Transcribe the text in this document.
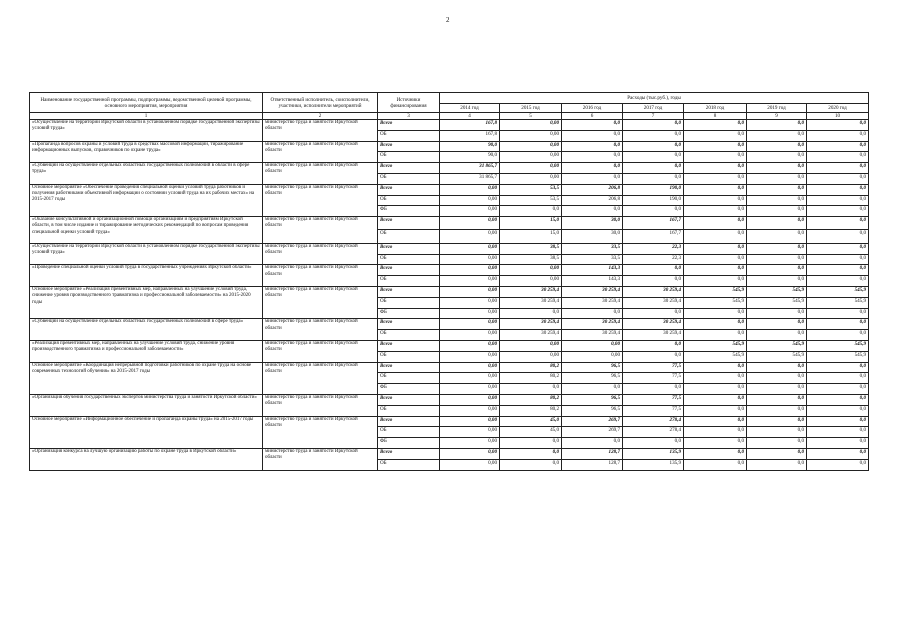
2
Наименование государственной программы, подпрограммы, ведомственной целевой программы, основного мероприятия, мероприятия	Ответственный исполнитель, соисполнители, участники, исполнители мероприятий	Источники финансирования	Расходы (тыс.руб.), годы						
			2014 год	2015 год	2016 год	2017 год	2018 год	2019 год	2020 год
1	2	3	4	5	6	7	8	9	10
«Осуществление на территории Иркутской области в установленном порядке государственной экспертизы условий труда»	министерство труда и занятости Иркутской области	Всего	167,8	0,00	0,0	0,0	0,0	0,0	0,0
		ОБ	167,8	0,00	0,0	0,0	0,0	0,0	0,0
«Пропаганда вопросов охраны и условий труда в средствах массовой информации, тиражирование информационных выпусков, справочников по охране труда»	министерство труда и занятости Иркутской области	Всего	90,0	0,00	0,0	0,0	0,0	0,0	0,0
		ОБ	90,0	0,00	0,0	0,0	0,0	0,0	0,0
«Субвенции на осуществление отдельных областных государственных полномочий в области в сфере труда»	министерство труда и занятости Иркутской области	Всего	31 865,7	0,00	0,0	0,0	0,0	0,0	0,0
		ОБ	31 865,7	0,00	0,0	0,0	0,0	0,0	0,0
Основное мероприятие «Обеспечение проведения специальной оценки условий труда работников и получения работниками объективной информации о состоянии условий труда на их рабочих местах» на 2015-2017 годы	министерство труда и занятости Иркутской области	Всего	0,00	53,5	206,8	190,0	0,0	0,0	0,0
		ОБ	0,00	53,5	206,8	190,0	0,0	0,0	0,0
		ФБ	0,00	0,0	0,0	0,0	0,0	0,0	0,0
«Оказание консультативной и организационной помощи организациям и предприятиям Иркутской области, в том числе издание и тиражирование методических рекомендаций по вопросам проведения специальной оценки условий труда»	министерство труда и занятости Иркутской области	Всего	0,00	15,0	30,0	167,7	0,0	0,0	0,0
		ОБ	0,00	15,0	30,0	167,7	0,0	0,0	0,0
«Осуществление на территории Иркутской области в установленном порядке государственной экспертизы условий труда»	министерство труда и занятости Иркутской области	Всего	0,00	38,5	33,5	22,3	0,0	0,0	0,0
		ОБ	0,00	38,5	33,5	22,3	0,0	0,0	0,0
«Проведение специальной оценки условий труда в государственных учреждениях Иркутской области»	министерство труда и занятости Иркутской области	Всего	0,00	0,00	143,3	0,0	0,0	0,0	0,0
		ОБ	0,00	0,00	143,3	0,0	0,0	0,0	0,0
Основное мероприятие «Реализация превентивных мер, направленных на улучшение условий труда, снижение уровня производственного травматизма и профессиональной заболеваемости» на 2015-2020 годы	министерство труда и занятости Иркутской области	Всего	0,00	30 259,4	30 259,4	30 259,4	545,9	545,9	545,9
		ОБ	0,00	30 259,4	30 259,4	30 259,4	545,9	545,9	545,9
		ФБ	0,00	0,0	0,0	0,0	0,0	0,0	0,0
«Субвенции на осуществление отдельных областных государственных полномочий в сфере труда»	министерство труда и занятости Иркутской области	Всего	0,00	30 259,4	30 259,4	30 259,4	0,0	0,0	0,0
		ОБ	0,00	30 259,4	30 259,4	30 259,4	0,0	0,0	0,0
«Реализация превентивных мер, направленных на улучшение условий труда, снижение уровня производственного травматизма и профессиональной заболеваемости»	министерство труда и занятости Иркутской области	Всего	0,00	0,00	0,00	0,0	545,9	545,9	545,9
		ОБ	0,00	0,00	0,00	0,0	545,9	545,9	545,9
Основное мероприятие «Координация непрерывной подготовки работников по охране труда на основе современных технологий обучения» на 2015-2017 годы	министерство труда и занятости Иркутской области	Всего	0,00	80,2	96,5	77,5	0,0	0,0	0,0
		ОБ	0,00	80,2	96,5	77,5	0,0	0,0	0,0
		ФБ	0,00	0,0	0,0	0,0	0,0	0,0	0,0
«Организация обучения государственных экспертов министерства труда и занятости Иркутской области»	министерство труда и занятости Иркутской области	Всего	0,00	80,2	96,5	77,5	0,0	0,0	0,0
		ОБ	0,00	80,2	96,5	77,5	0,0	0,0	0,0
Основное мероприятие «Информационное обеспечение и пропаганда охраны труда» на 2015-2017 годы	министерство труда и занятости Иркутской области	Всего	0,00	45,0	269,7	278,4	0,0	0,0	0,0
		ОБ	0,00	45,0	269,7	278,4	0,0	0,0	0,0
		ФБ	0,00	0,0	0,0	0,0	0,0	0,0	0,0
«Организация конкурса на лучшую организацию работы по охране труда в Иркутской области»	министерство труда и занятости Иркутской области	Всего	0,00	0,0	128,7	135,9	0,0	0,0	0,0
		ОБ	0,00	0,0	128,7	135,9	0,0	0,0	0,0
